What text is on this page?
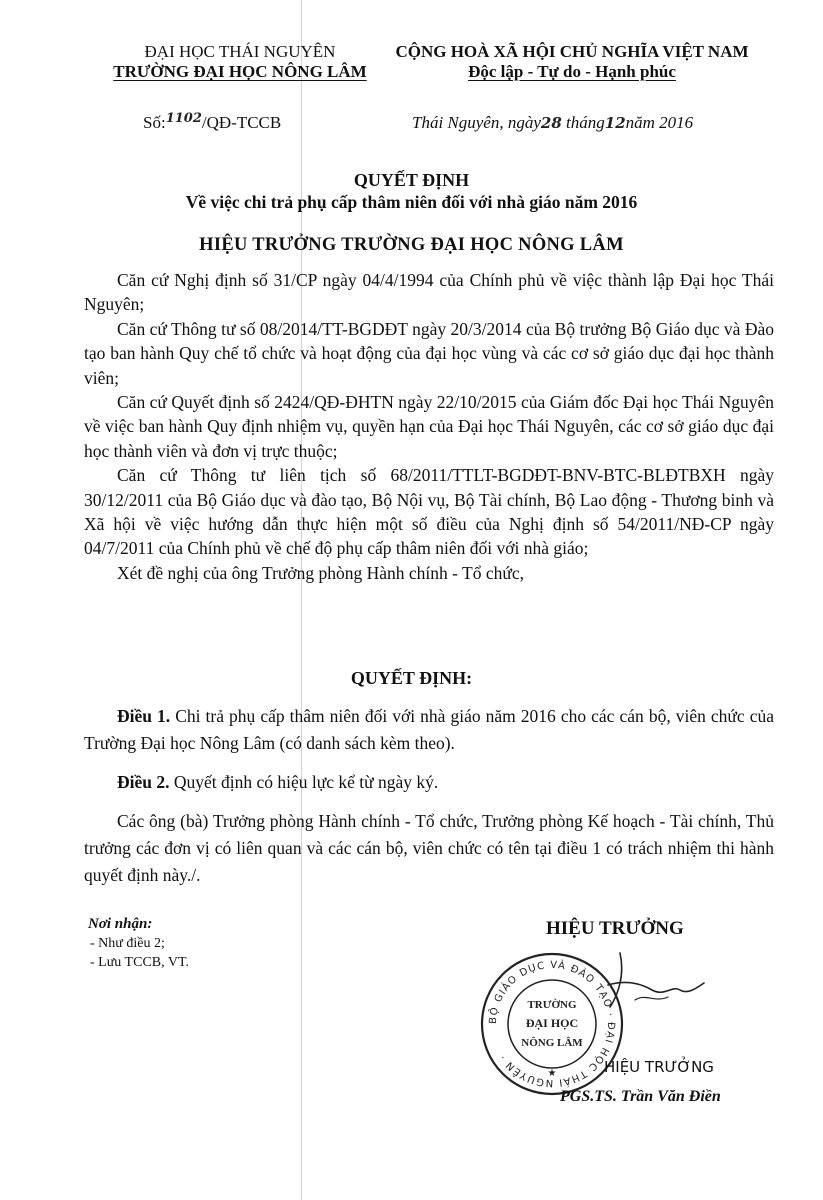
ĐẠI HỌC THÁI NGUYÊN
TRƯỜNG ĐẠI HỌC NÔNG LÂM
CỘNG HOÀ XÃ HỘI CHỦ NGHĨA VIỆT NAM
Độc lập - Tự do - Hạnh phúc
Số:$^{1102}$/QĐ-TCCB	Thái Nguyên, ngày28 tháng12năm 2016
QUYẾT ĐỊNH
Về việc chi trả phụ cấp thâm niên đối với nhà giáo năm 2016
HIỆU TRƯỞNG TRƯỜNG ĐẠI HỌC NÔNG LÂM

Căn cứ Nghị định số 31/CP ngày 04/4/1994 của Chính phủ về việc thành lập Đại học Thái Nguyên;

Căn cứ Thông tư số 08/2014/TT-BGDĐT ngày 20/3/2014 của Bộ trưởng Bộ Giáo dục và Đào tạo ban hành Quy chế tổ chức và hoạt động của đại học vùng và các cơ sở giáo dục đại học thành viên;

Căn cứ Quyết định số 2424/QĐ-ĐHTN ngày 22/10/2015 của Giám đốc Đại học Thái Nguyên về việc ban hành Quy định nhiệm vụ, quyền hạn của Đại học Thái Nguyên, các cơ sở giáo dục đại học thành viên và đơn vị trực thuộc;

Căn cứ Thông tư liên tịch số 68/2011/TTLT-BGDĐT-BNV-BTC-BLĐTBXH ngày 30/12/2011 của Bộ Giáo dục và đào tạo, Bộ Nội vụ, Bộ Tài chính, Bộ Lao động - Thương binh và Xã hội về việc hướng dẫn thực hiện một số điều của Nghị định số 54/2011/NĐ-CP ngày 04/7/2011 của Chính phủ về chế độ phụ cấp thâm niên đối với nhà giáo;

Xét đề nghị của ông Trưởng phòng Hành chính - Tổ chức,

QUYẾT ĐỊNH:

Điều 1. Chi trả phụ cấp thâm niên đối với nhà giáo năm 2016 cho các cán bộ, viên chức của Trường Đại học Nông Lâm (có danh sách kèm theo).

Điều 2. Quyết định có hiệu lực kể từ ngày ký.

Các ông (bà) Trưởng phòng Hành chính - Tổ chức, Trưởng phòng Kế hoạch - Tài chính, Thủ trưởng các đơn vị có liên quan và các cán bộ, viên chức có tên tại điều 1 có trách nhiệm thi hành quyết định này./.

Nơi nhận:
- Như điều 2;
- Lưu TCCB, VT.
HIỆU TRƯỞNG
BỘ GIÁO DỤC VÀ ĐÀO TẠO · ĐẠI HỌC THÁI NGUYÊN ·
TRƯỜNG
ĐẠI HỌC
NÔNG LÂM
★	HIỆU TRƯỞNG
PGS.TS. Trần Văn Điền
